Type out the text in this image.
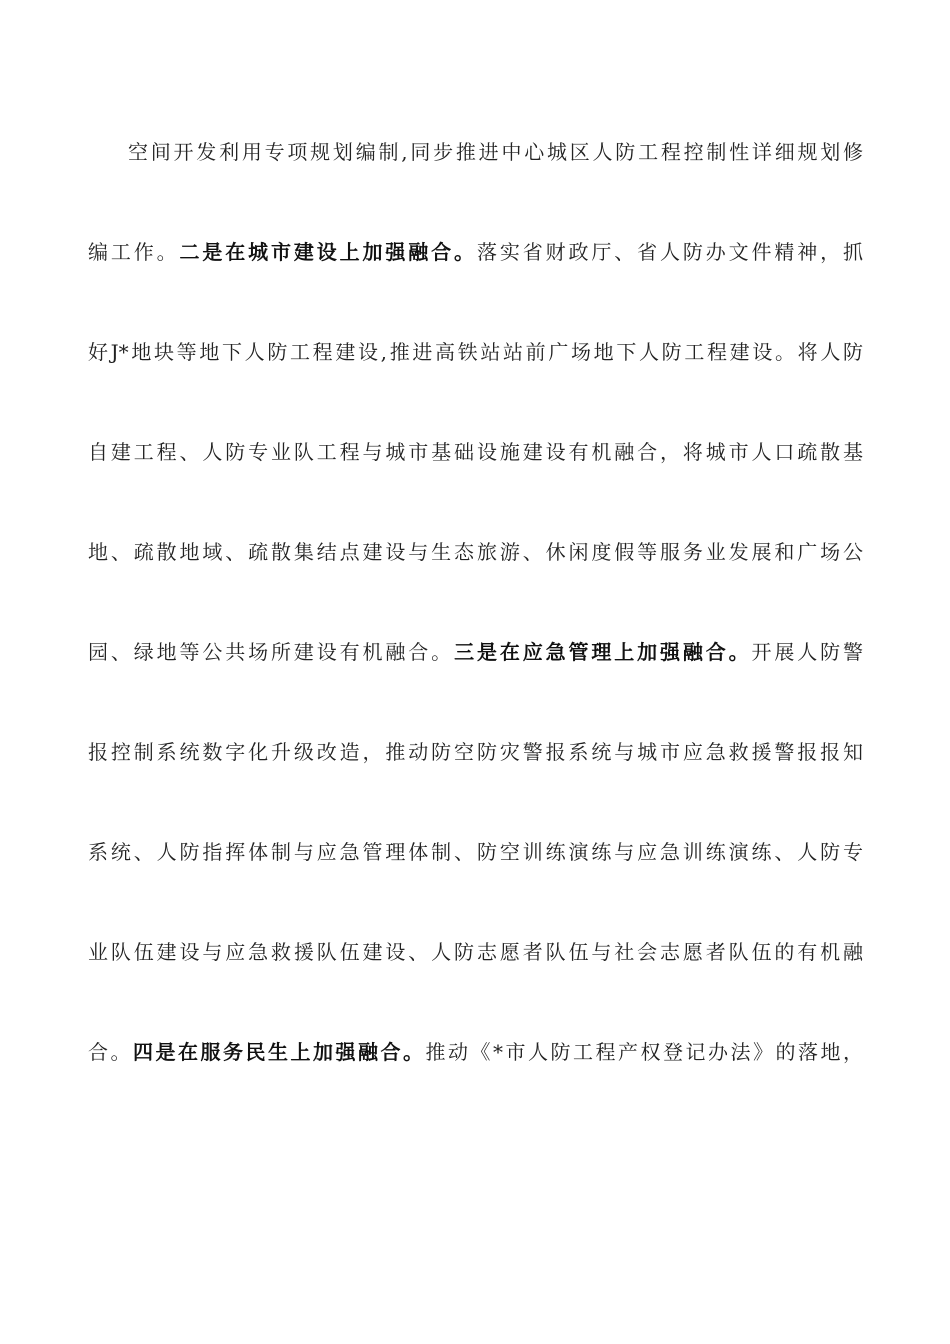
空间开发利用专项规划编制,同步推进中心城区人防工程控制性详细规划修
编工作。二是在城市建设上加强融合。落实省财政厅、省人防办文件精神，抓
好J*地块等地下人防工程建设,推进高铁站站前广场地下人防工程建设。将人防
自建工程、人防专业队工程与城市基础设施建设有机融合，将城市人口疏散基
地、疏散地域、疏散集结点建设与生态旅游、休闲度假等服务业发展和广场公
园、绿地等公共场所建设有机融合。三是在应急管理上加强融合。开展人防警
报控制系统数字化升级改造，推动防空防灾警报系统与城市应急救援警报报知
系统、人防指挥体制与应急管理体制、防空训练演练与应急训练演练、人防专
业队伍建设与应急救援队伍建设、人防志愿者队伍与社会志愿者队伍的有机融
合。四是在服务民生上加强融合。推动《*市人防工程产权登记办法》的落地，
